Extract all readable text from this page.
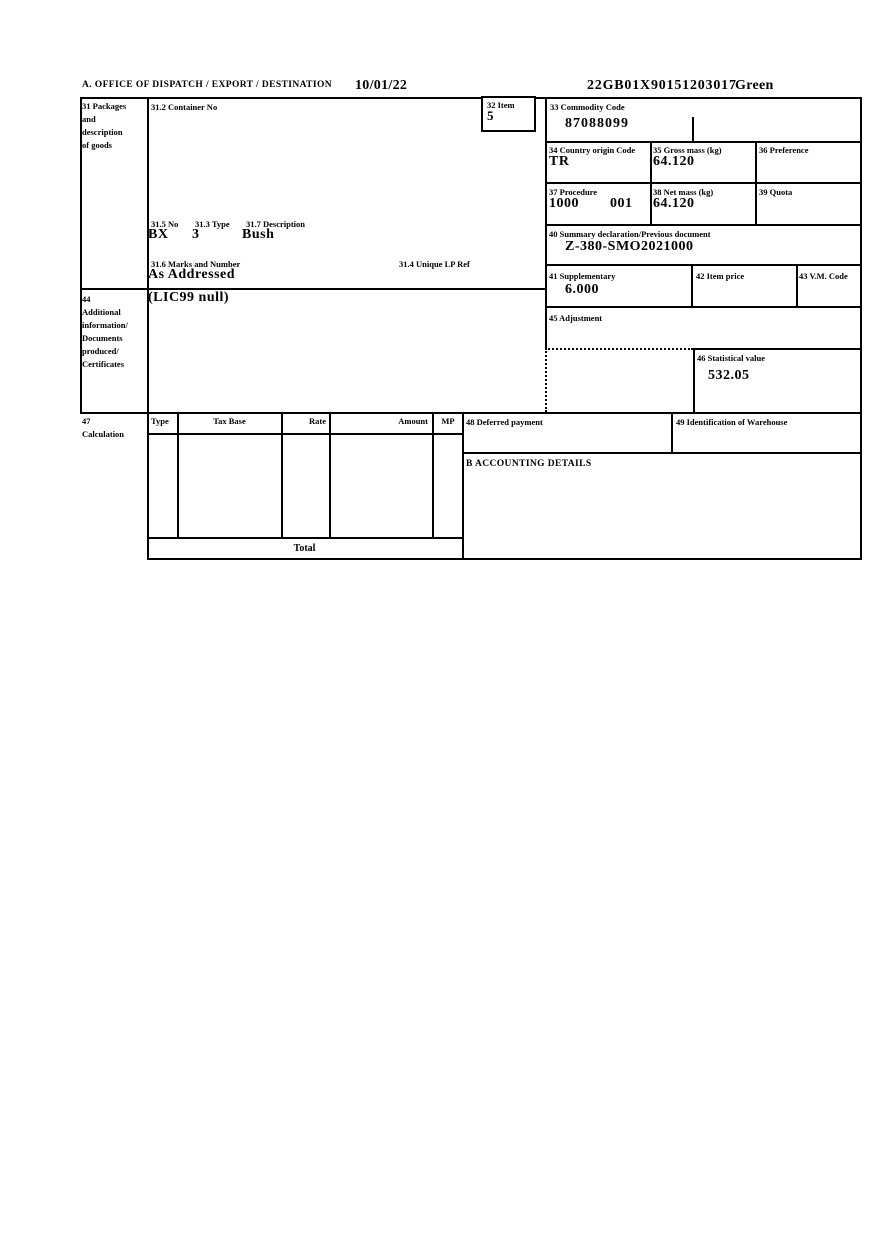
A. OFFICE OF DISPATCH / EXPORT / DESTINATION 10/01/22	22GB01X90151203017
Green
31 Packages
and
description
of goods
31.2 Container No	32 Item
5
31.5 No
BX
31.3 Type
3
31.7 Description
Bush
31.6 Marks and Number
As Addressed
31.4 Unique LP Ref
44
Additional
information/
Documents
produced/
Certificates
(LIC99 null)
33 Commodity Code
87088099
34 Country origin Code
TR
35 Gross mass (kg)
64.120
36 Preference
37 Procedure
1000 001
38 Net mass (kg)
64.120
39 Quota
40 Summary declaration/Previous document
Z-380-SMO2021000
41 Supplementary
6.000
42 Item price	43 V.M. Code
45 Adjustment
46 Statistical value
532.05
47
Calculation
Type	Tax Base	Rate	Amount	MP
Total
48 Deferred payment	49 Identification of Warehouse
B ACCOUNTING DETAILS
